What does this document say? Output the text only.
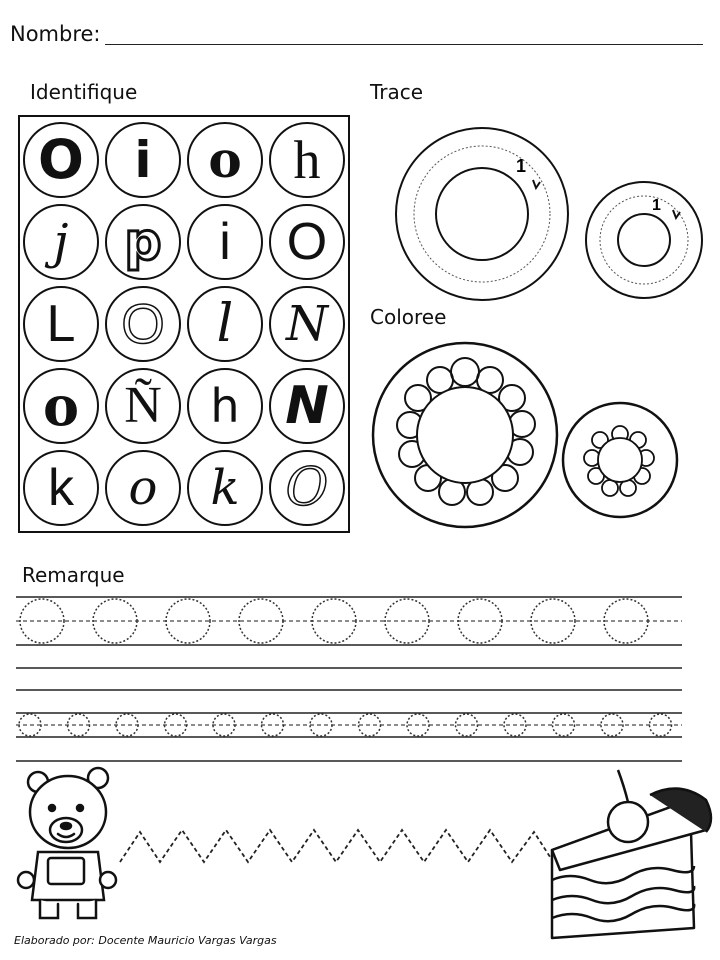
Nombre:
Identifique	Trace
Coloree
Remarque
O i o h
j p i O
L O l N
o Ñ h N
k o k O
1
1
Elaborado por: Docente Mauricio Vargas Vargas
